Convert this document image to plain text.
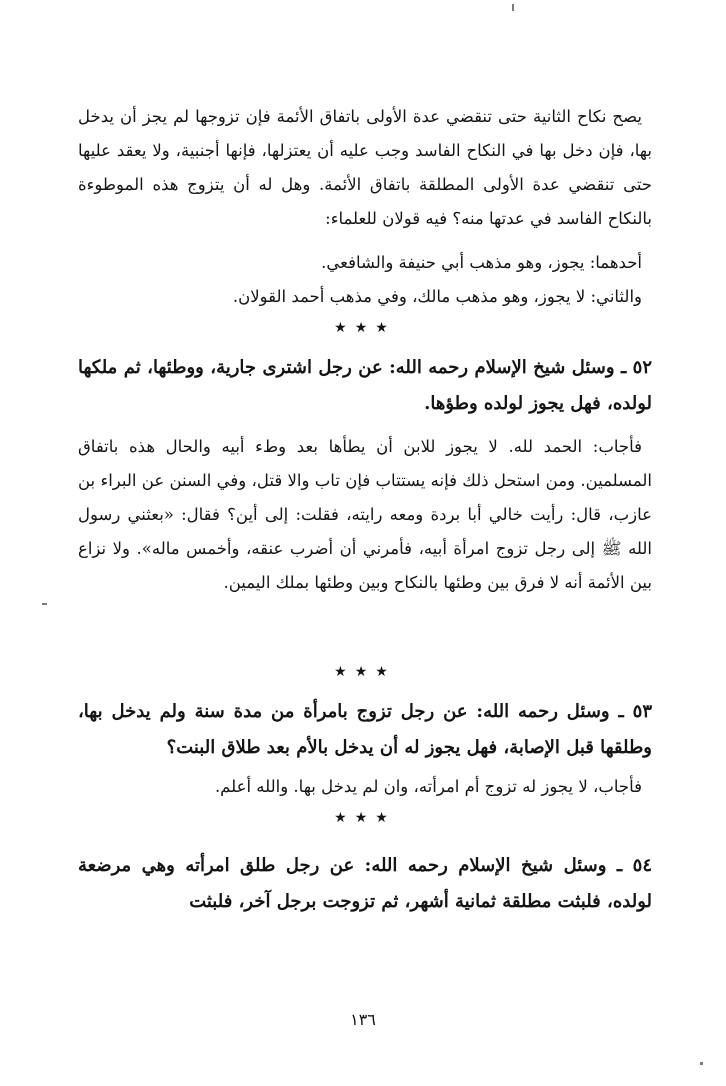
يصح نكاح الثانية حتى تنقضي عدة الأولى باتفاق الأئمة فإن تزوجها لم يجز أن يدخل بها، فإن دخل بها في النكاح الفاسد وجب عليه أن يعتزلها، فإنها أجنبية، ولا يعقد عليها حتى تنقضي عدة الأولى المطلقة باتفاق الأئمة. وهل له أن يتزوج هذه الموطوءة بالنكاح الفاسد في عدتها منه؟ فيه قولان للعلماء:

أحدهما: يجوز، وهو مذهب أبي حنيفة والشافعي.

والثاني: لا يجوز، وهو مذهب مالك، وفي مذهب أحمد القولان.

★★★

٥٢ ـ وسئل شيخ الإسلام رحمه الله: عن رجل اشترى جارية، ووطئها، ثم ملكها لولده، فهل يجوز لولده وطؤها.

فأجاب: الحمد لله. لا يجوز للابن أن يطأها بعد وطء أبيه والحال هذه باتفاق المسلمين. ومن استحل ذلك فإنه يستتاب فإن تاب والا قتل، وفي السنن عن البراء بن عازب، قال: رأيت خالي أبا بردة ومعه رايته، فقلت: إلى أين؟ فقال: «بعثني رسول الله ﷺ إلى رجل تزوج امرأة أبيه، فأمرني أن أضرب عنقه، وأخمس ماله». ولا نزاع بين الأئمة أنه لا فرق بين وطئها بالنكاح وبين وطئها بملك اليمين.

★★★

٥٣ ـ وسئل رحمه الله: عن رجل تزوج بامرأة من مدة سنة ولم يدخل بها، وطلقها قبل الإصابة، فهل يجوز له أن يدخل بالأم بعد طلاق البنت؟

فأجاب، لا يجوز له تزوج أم امرأته، وان لم يدخل بها. والله أعلم.

★★★

٥٤ ـ وسئل شيخ الإسلام رحمه الله: عن رجل طلق امرأته وهي مرضعة لولده، فلبثت مطلقة ثمانية أشهر، ثم تزوجت برجل آخر، فلبثت

١٣٦
